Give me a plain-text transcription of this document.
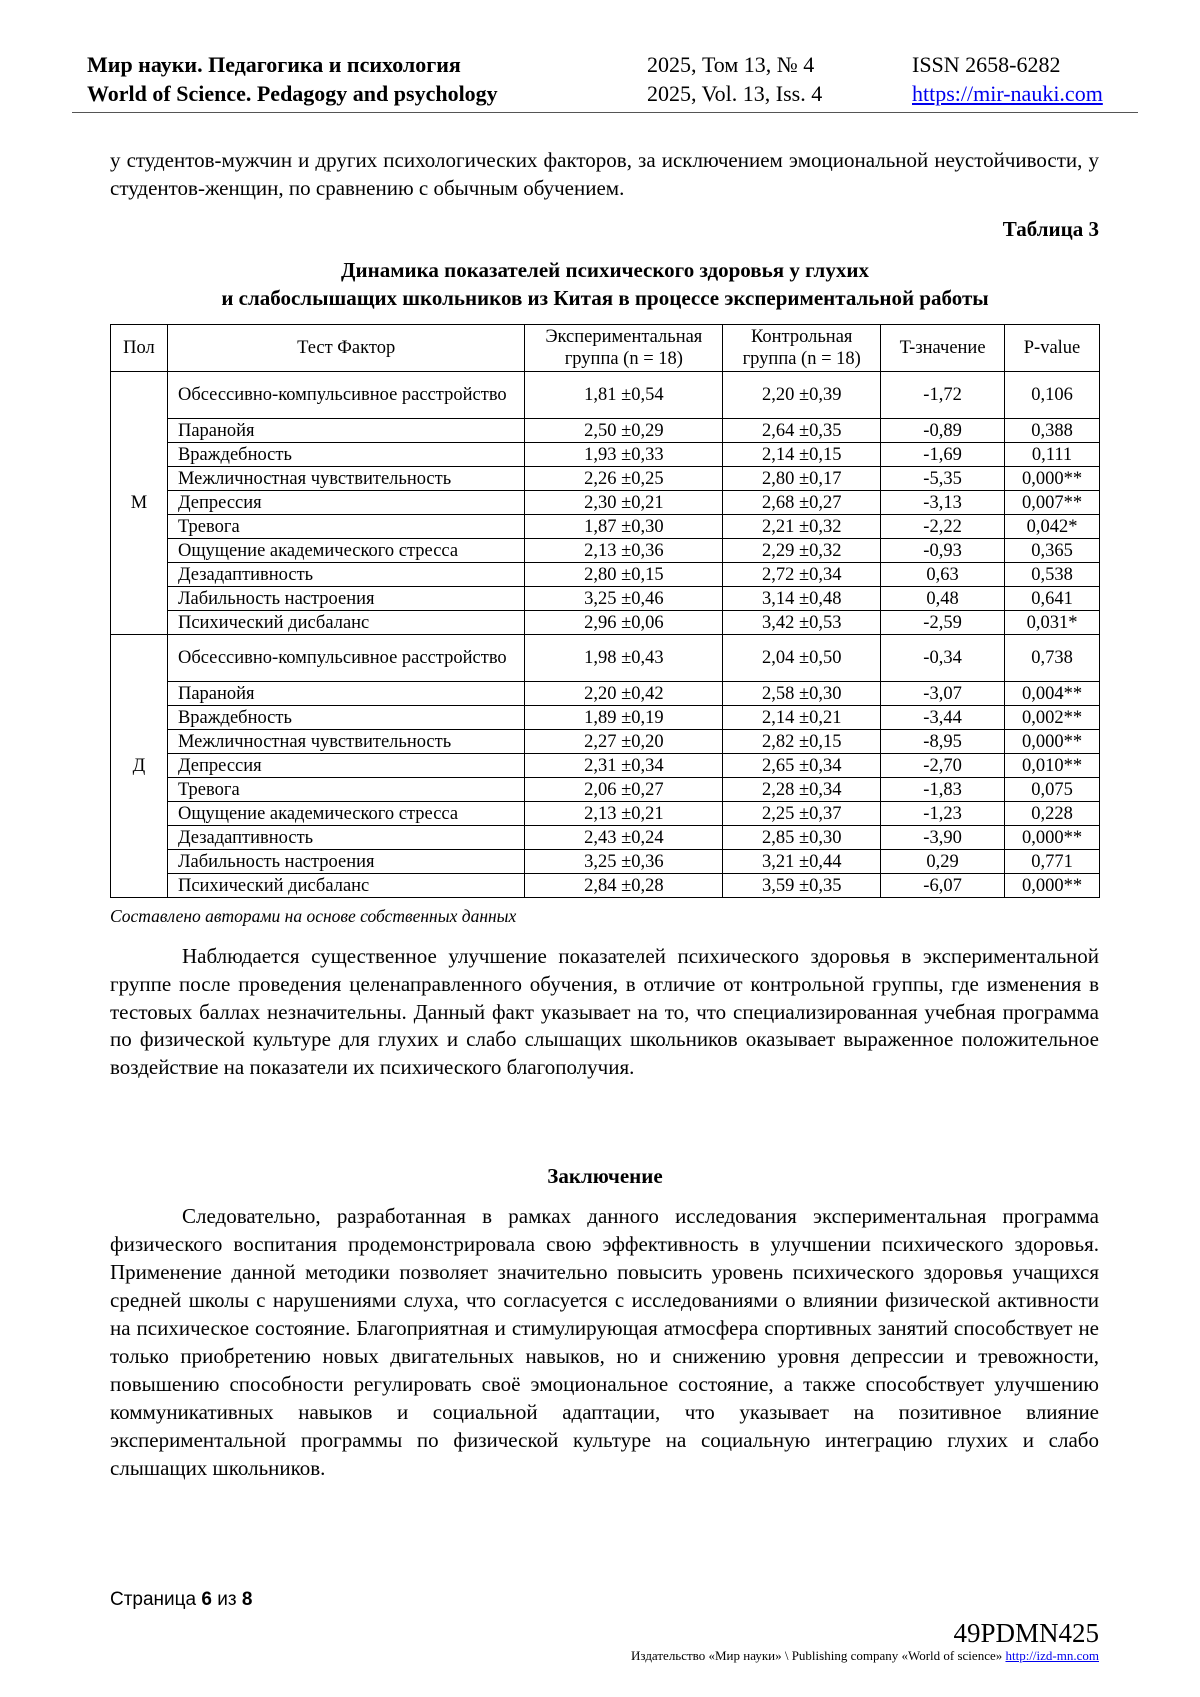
Мир науки. Педагогика и психология
World of Science. Pedagogy and psychology
2025, Том 13, № 4
2025, Vol. 13, Iss. 4
ISSN 2658-6282
https://mir-nauki.com
у студентов-мужчин и других психологических факторов, за исключением эмоциональной неустойчивости, у студентов-женщин, по сравнению с обычным обучением.
Таблица 3
Динамика показателей психического здоровья у глухих
и слабослышащих школьников из Китая в процессе экспериментальной работы
Пол	Тест Фактор	Экспериментальная группа (n = 18)	Контрольная группа (n = 18)	T-значение	P-value
М	Обсессивно-компульсивное расстройство	1,81 ±0,54	2,20 ±0,39	-1,72	0,106
	Паранойя	2,50 ±0,29	2,64 ±0,35	-0,89	0,388
	Враждебность	1,93 ±0,33	2,14 ±0,15	-1,69	0,111
	Межличностная чувствительность	2,26 ±0,25	2,80 ±0,17	-5,35	0,000**
	Депрессия	2,30 ±0,21	2,68 ±0,27	-3,13	0,007**
	Тревога	1,87 ±0,30	2,21 ±0,32	-2,22	0,042*
	Ощущение академического стресса	2,13 ±0,36	2,29 ±0,32	-0,93	0,365
	Дезадаптивность	2,80 ±0,15	2,72 ±0,34	0,63	0,538
	Лабильность настроения	3,25 ±0,46	3,14 ±0,48	0,48	0,641
	Психический дисбаланс	2,96 ±0,06	3,42 ±0,53	-2,59	0,031*
Д	Обсессивно-компульсивное расстройство	1,98 ±0,43	2,04 ±0,50	-0,34	0,738
	Паранойя	2,20 ±0,42	2,58 ±0,30	-3,07	0,004**
	Враждебность	1,89 ±0,19	2,14 ±0,21	-3,44	0,002**
	Межличностная чувствительность	2,27 ±0,20	2,82 ±0,15	-8,95	0,000**
	Депрессия	2,31 ±0,34	2,65 ±0,34	-2,70	0,010**
	Тревога	2,06 ±0,27	2,28 ±0,34	-1,83	0,075
	Ощущение академического стресса	2,13 ±0,21	2,25 ±0,37	-1,23	0,228
	Дезадаптивность	2,43 ±0,24	2,85 ±0,30	-3,90	0,000**
	Лабильность настроения	3,25 ±0,36	3,21 ±0,44	0,29	0,771
	Психический дисбаланс	2,84 ±0,28	3,59 ±0,35	-6,07	0,000**
Составлено авторами на основе собственных данных

Наблюдается существенное улучшение показателей психического здоровья в экспериментальной группе после проведения целенаправленного обучения, в отличие от контрольной группы, где изменения в тестовых баллах незначительны. Данный факт указывает на то, что специализированная учебная программа по физической культуре для глухих и слабо слышащих школьников оказывает выраженное положительное воздействие на показатели их психического благополучия.

Заключение

Следовательно, разработанная в рамках данного исследования экспериментальная программа физического воспитания продемонстрировала свою эффективность в улучшении психического здоровья. Применение данной методики позволяет значительно повысить уровень психического здоровья учащихся средней школы с нарушениями слуха, что согласуется с исследованиями о влиянии физической активности на психическое состояние. Благоприятная и стимулирующая атмосфера спортивных занятий способствует не только приобретению новых двигательных навыков, но и снижению уровня депрессии и тревожности, повышению способности регулировать своё эмоциональное состояние, а также способствует улучшению коммуникативных навыков и социальной адаптации, что указывает на позитивное влияние экспериментальной программы по физической культуре на социальную интеграцию глухих и слабо слышащих школьников.

Страница 6 из 8
49PDMN425
Издательство «Мир науки» \ Publishing company «World of science» http://izd-mn.com
